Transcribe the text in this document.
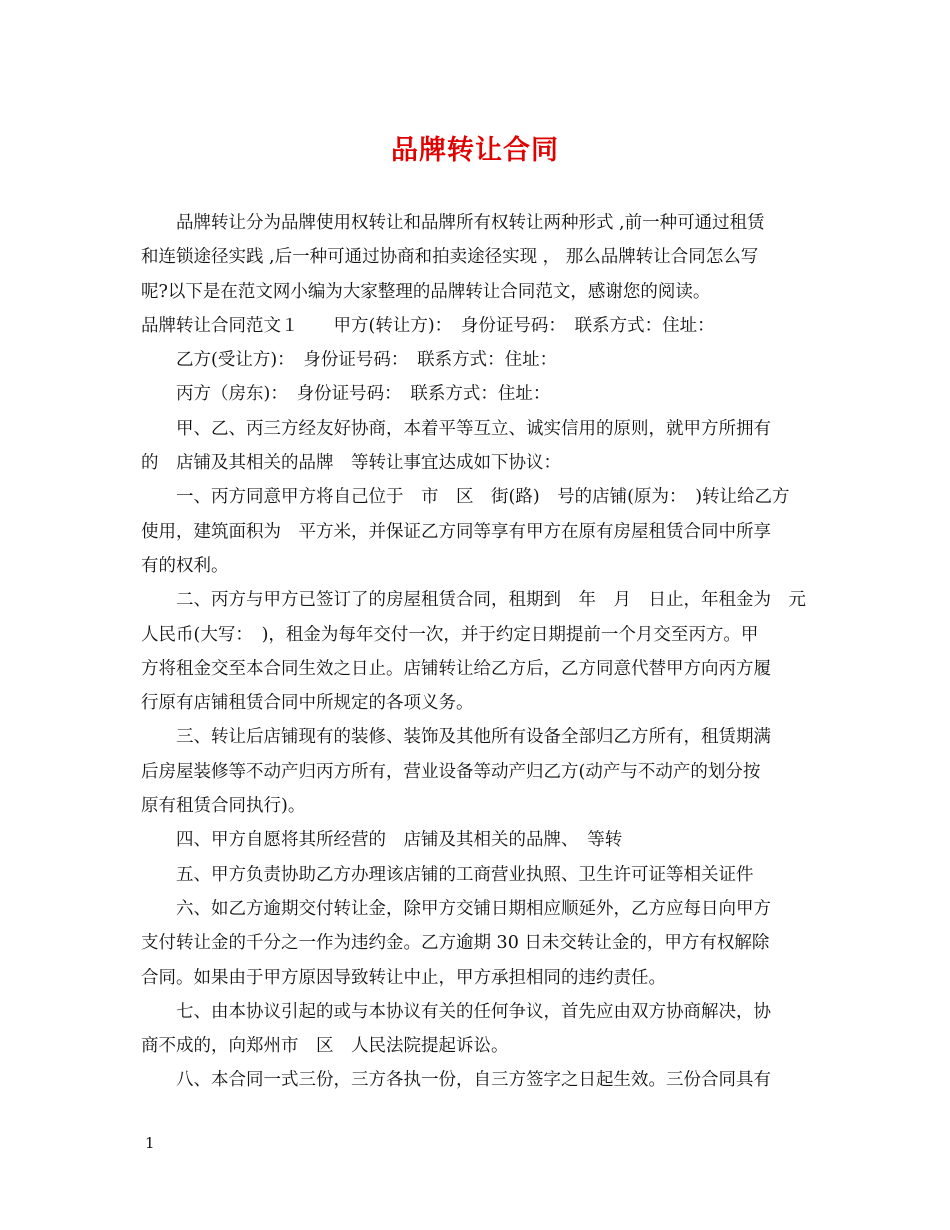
品牌转让合同
品牌转让分为品牌使用权转让和品牌所有权转让两种形式 ,前一种可通过租赁
和连锁途径实践 ,后一种可通过协商和拍卖途径实现 ， 那么品牌转让合同怎么写
呢?以下是在范文网小编为大家整理的品牌转让合同范文，感谢您的阅读。
品牌转让合同范文１　　甲方(转让方)：　身份证号码：　联系方式：住址：
乙方(受让方)：　身份证号码：　联系方式：住址：
丙方（房东)：　身份证号码：　联系方式：住址：
甲、乙、丙三方经友好协商，本着平等互立、诚实信用的原则，就甲方所拥有
的　店铺及其相关的品牌　等转让事宜达成如下协议：
一、丙方同意甲方将自己位于　市　区　街(路)　号的店铺(原为：　)转让给乙方
使用，建筑面积为　平方米，并保证乙方同等享有甲方在原有房屋租赁合同中所享
有的权利。
二、丙方与甲方已签订了的房屋租赁合同，租期到　年　月　日止，年租金为　元
人民币(大写：　)，租金为每年交付一次，并于约定日期提前一个月交至丙方。甲
方将租金交至本合同生效之日止。店铺转让给乙方后，乙方同意代替甲方向丙方履
行原有店铺租赁合同中所规定的各项义务。
三、转让后店铺现有的装修、装饰及其他所有设备全部归乙方所有，租赁期满
后房屋装修等不动产归丙方所有，营业设备等动产归乙方(动产与不动产的划分按
原有租赁合同执行)。
四、甲方自愿将其所经营的　店铺及其相关的品牌、　等转
五、甲方负责协助乙方办理该店铺的工商营业执照、卫生许可证等相关证件
六、如乙方逾期交付转让金，除甲方交铺日期相应顺延外，乙方应每日向甲方
支付转让金的千分之一作为违约金。乙方逾期 30 日未交转让金的，甲方有权解除
合同。如果由于甲方原因导致转让中止，甲方承担相同的违约责任。
七、由本协议引起的或与本协议有关的任何争议，首先应由双方协商解决，协
商不成的，向郑州市　区　人民法院提起诉讼。
八、本合同一式三份，三方各执一份，自三方签字之日起生效。三份合同具有
1
